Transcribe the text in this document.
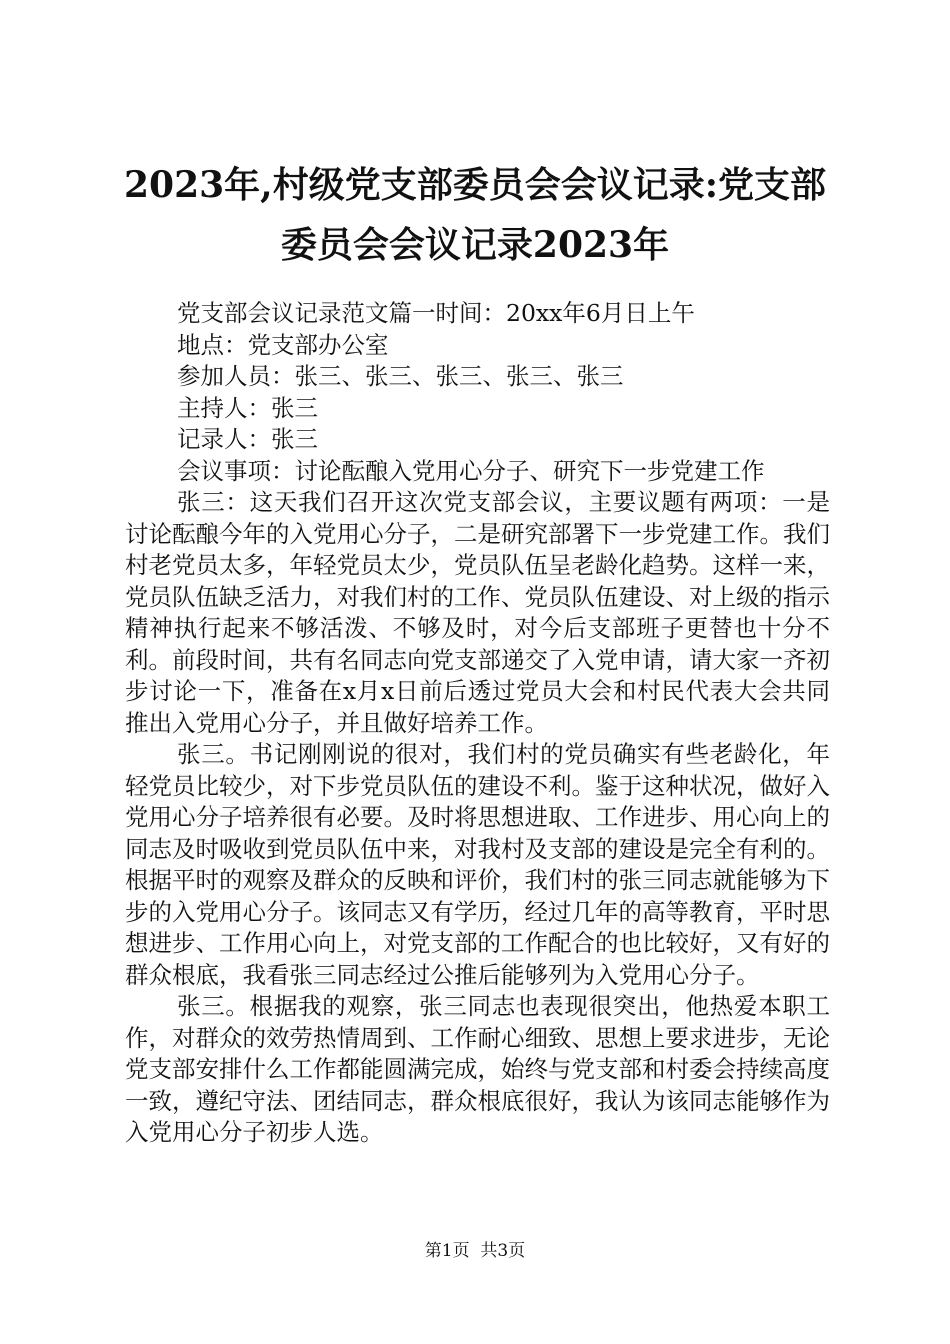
2023年,村级党支部委员会会议记录:党支部
委员会会议记录2023年

党支部会议记录范文篇一时间：20xx年6月日上午

地点：党支部办公室

参加人员：张三、张三、张三、张三、张三

主持人：张三

记录人：张三

会议事项：讨论酝酿入党用心分子、研究下一步党建工作

张三：这天我们召开这次党支部会议，主要议题有两项：一是讨论酝酿今年的入党用心分子，二是研究部署下一步党建工作。我们村老党员太多，年轻党员太少，党员队伍呈老龄化趋势。这样一来，党员队伍缺乏活力，对我们村的工作、党员队伍建设、对上级的指示精神执行起来不够活泼、不够及时，对今后支部班子更替也十分不利。前段时间，共有名同志向党支部递交了入党申请，请大家一齐初步讨论一下，准备在x月x日前后透过党员大会和村民代表大会共同推出入党用心分子，并且做好培养工作。

张三。书记刚刚说的很对，我们村的党员确实有些老龄化，年轻党员比较少，对下步党员队伍的建设不利。鉴于这种状况，做好入党用心分子培养很有必要。及时将思想进取、工作进步、用心向上的同志及时吸收到党员队伍中来，对我村及支部的建设是完全有利的。根据平时的观察及群众的反映和评价，我们村的张三同志就能够为下步的入党用心分子。该同志又有学历，经过几年的高等教育，平时思想进步、工作用心向上，对党支部的工作配合的也比较好，又有好的群众根底，我看张三同志经过公推后能够列为入党用心分子。

张三。根据我的观察，张三同志也表现很突出，他热爱本职工作，对群众的效劳热情周到、工作耐心细致、思想上要求进步，无论党支部安排什么工作都能圆满完成，始终与党支部和村委会持续高度一致，遵纪守法、团结同志，群众根底很好，我认为该同志能够作为入党用心分子初步人选。

第1页  共3页
